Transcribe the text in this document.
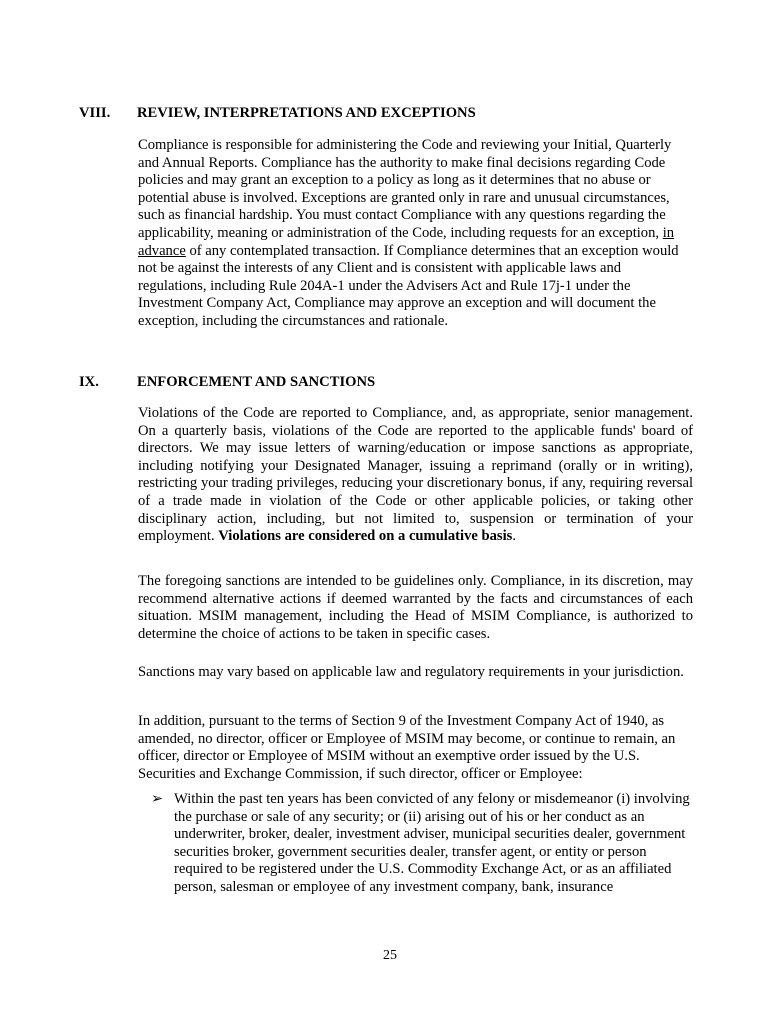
VIII. REVIEW, INTERPRETATIONS AND EXCEPTIONS

Compliance is responsible for administering the Code and reviewing your Initial, Quarterly and Annual Reports. Compliance has the authority to make final decisions regarding Code policies and may grant an exception to a policy as long as it determines that no abuse or potential abuse is involved. Exceptions are granted only in rare and unusual circumstances, such as financial hardship. You must contact Compliance with any questions regarding the applicability, meaning or administration of the Code, including requests for an exception, in advance of any contemplated transaction. If Compliance determines that an exception would not be against the interests of any Client and is consistent with applicable laws and regulations, including Rule 204A-1 under the Advisers Act and Rule 17j-1 under the Investment Company Act, Compliance may approve an exception and will document the exception, including the circumstances and rationale.

IX.	ENFORCEMENT AND SANCTIONS

Violations of the Code are reported to Compliance, and, as appropriate, senior management. On a quarterly basis, violations of the Code are reported to the applicable funds' board of directors. We may issue letters of warning/education or impose sanctions as appropriate, including notifying your Designated Manager, issuing a reprimand (orally or in writing), restricting your trading privileges, reducing your discretionary bonus, if any, requiring reversal of a trade made in violation of the Code or other applicable policies, or taking other disciplinary action, including, but not limited to, suspension or termination of your employment. Violations are considered on a cumulative basis.

The foregoing sanctions are intended to be guidelines only. Compliance, in its discretion, may recommend alternative actions if deemed warranted by the facts and circumstances of each situation. MSIM management, including the Head of MSIM Compliance, is authorized to determine the choice of actions to be taken in specific cases.

Sanctions may vary based on applicable law and regulatory requirements in your jurisdiction.

In addition, pursuant to the terms of Section 9 of the Investment Company Act of 1940, as amended, no director, officer or Employee of MSIM may become, or continue to remain, an officer, director or Employee of MSIM without an exemptive order issued by the U.S. Securities and Exchange Commission, if such director, officer or Employee:

➢ Within the past ten years has been convicted of any felony or misdemeanor (i) involving the purchase or sale of any security; or (ii) arising out of his or her conduct as an underwriter, broker, dealer, investment adviser, municipal securities dealer, government securities broker, government securities dealer, transfer agent, or entity or person required to be registered under the U.S. Commodity Exchange Act, or as an affiliated person, salesman or employee of any investment company, bank, insurance

25
